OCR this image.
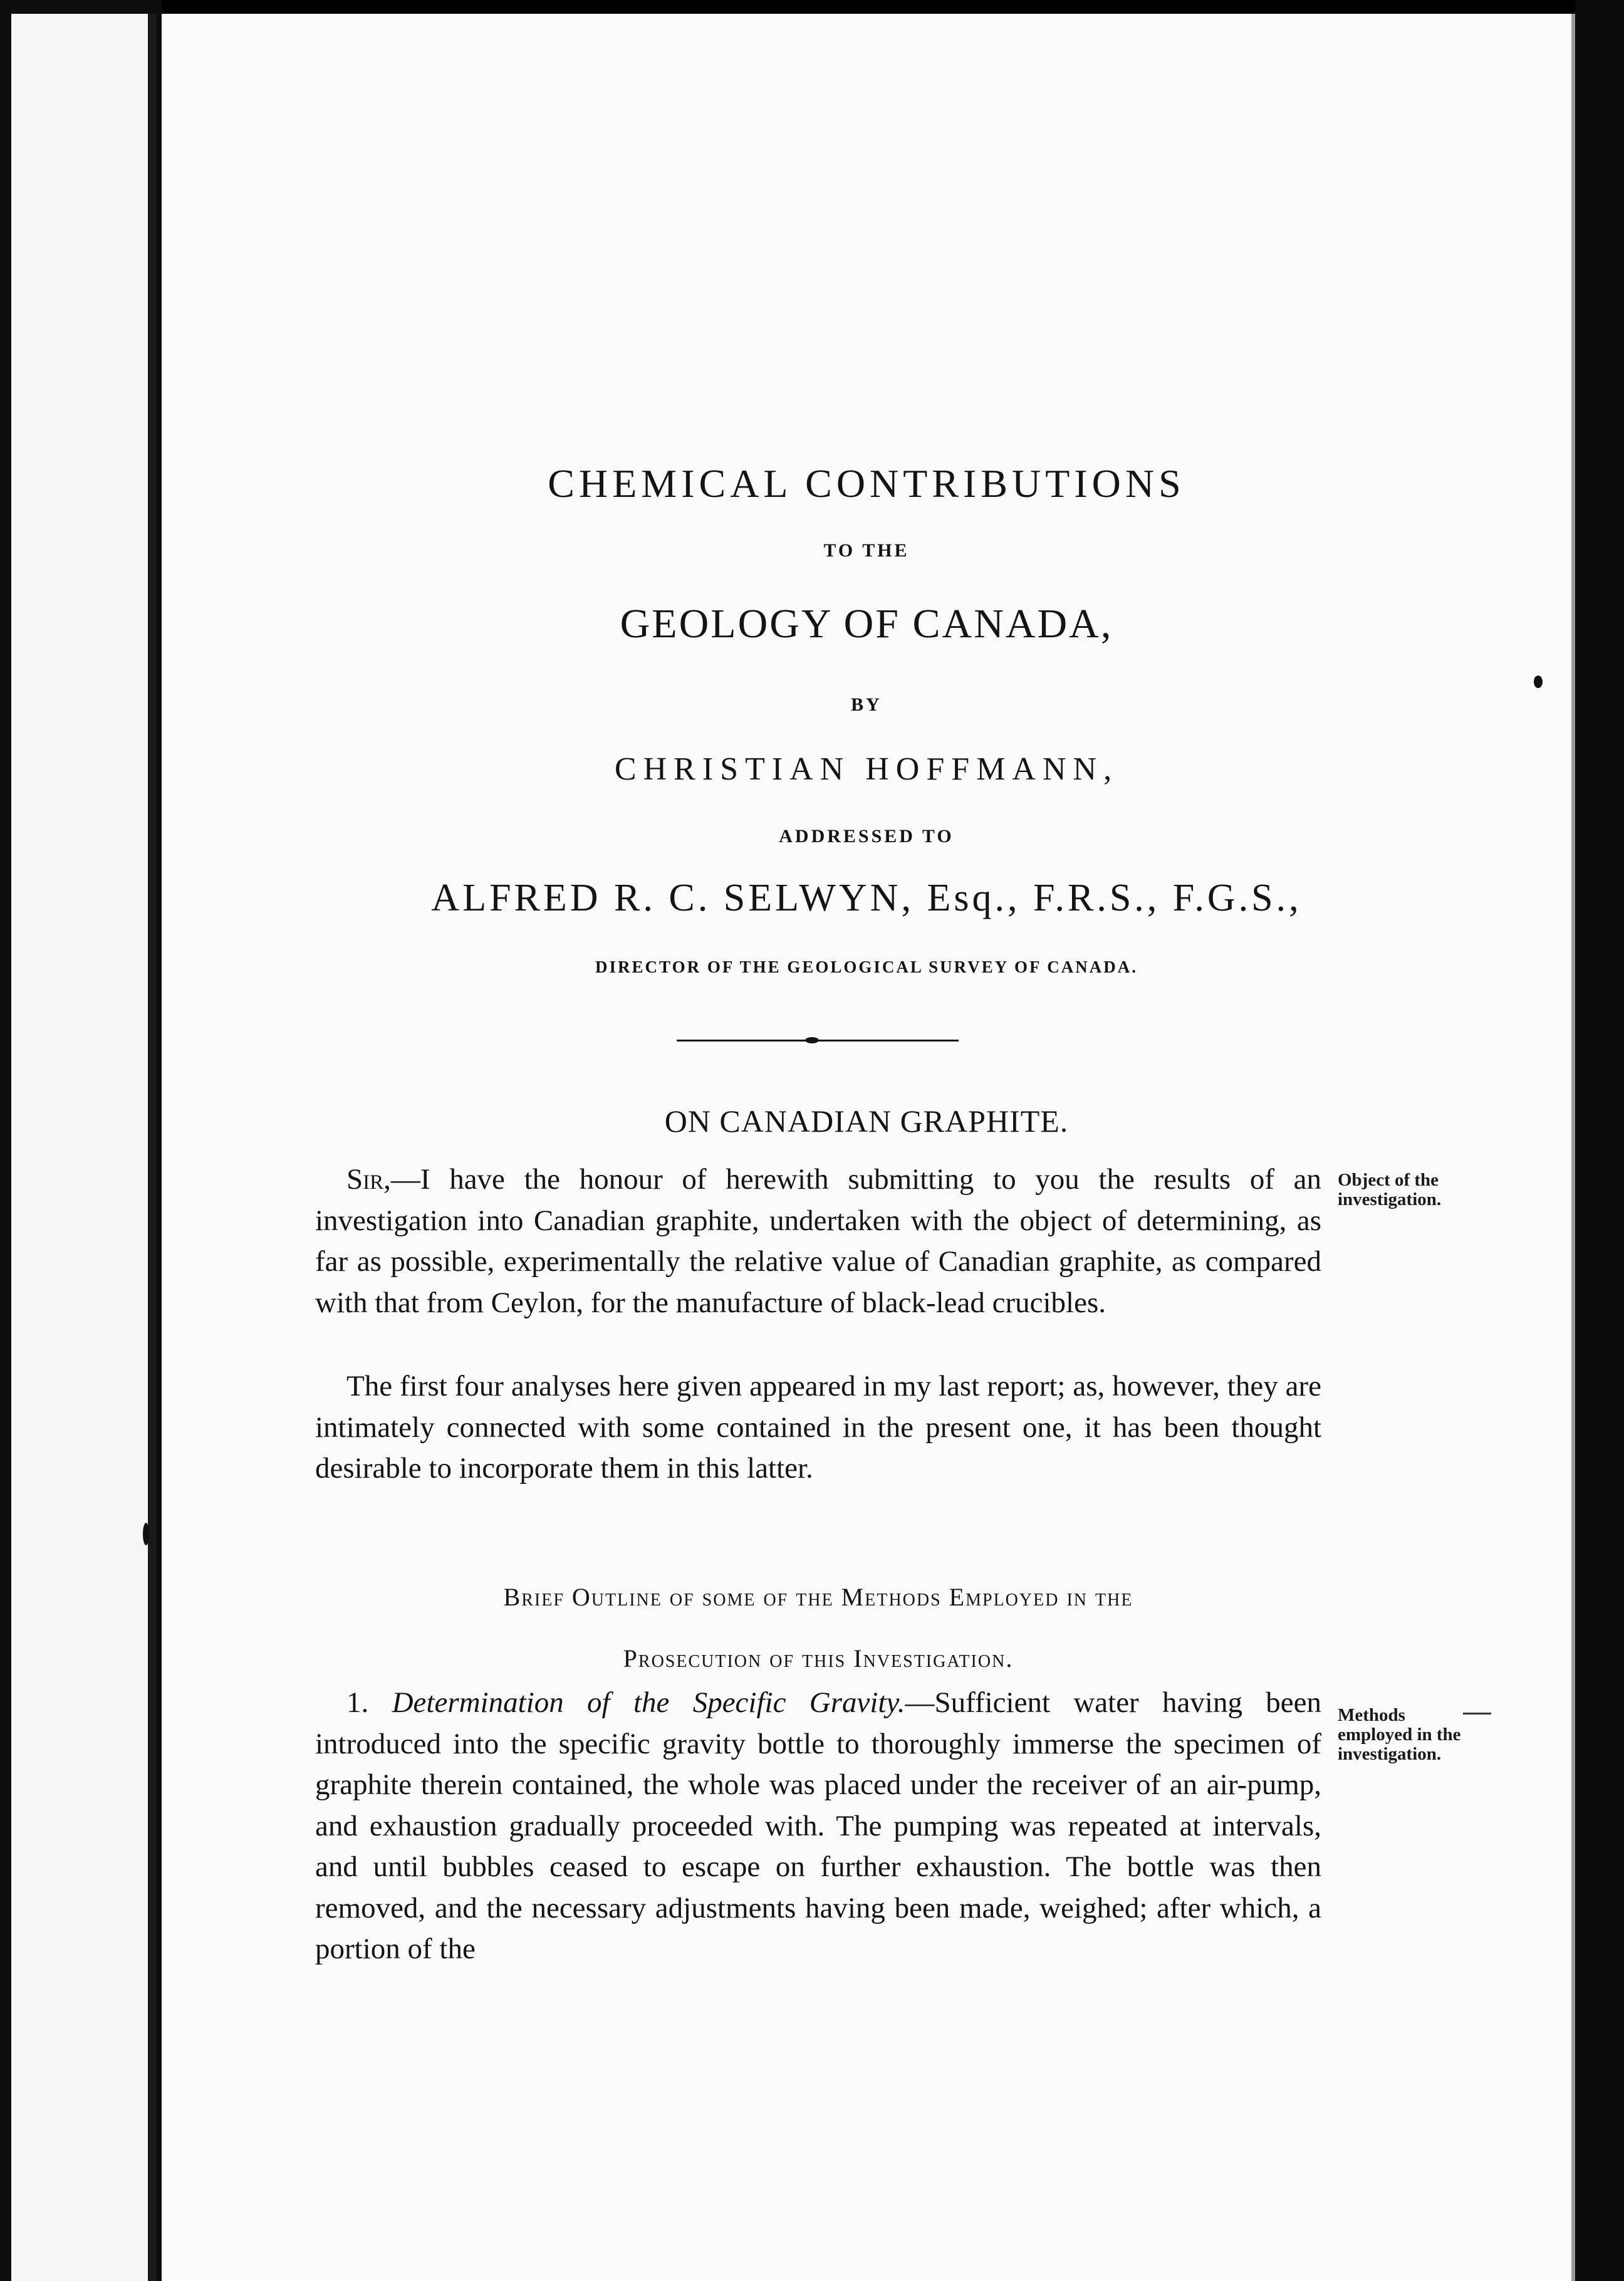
CHEMICAL CONTRIBUTIONS
TO THE
GEOLOGY OF CANADA,
BY
CHRISTIAN HOFFMANN,
ADDRESSED TO
ALFRED R. C. SELWYN, Esq., F.R.S., F.G.S.,
DIRECTOR OF THE GEOLOGICAL SURVEY OF CANADA.
ON CANADIAN GRAPHITE.

Sir,—I have the honour of herewith submitting to you the results of an investigation into Canadian graphite, undertaken with the object of determining, as far as possible, experimentally the relative value of Canadian graphite, as compared with that from Ceylon, for the manufacture of black-lead crucibles.

The first four analyses here given appeared in my last report; as, however, they are intimately connected with some contained in the present one, it has been thought desirable to incorporate them in this latter.

Brief Outline of some of the Methods Employed in the
Prosecution of this Investigation.

1. Determination of the Specific Gravity.—Sufficient water having been introduced into the specific gravity bottle to thoroughly immerse the specimen of graphite therein contained, the whole was placed under the receiver of an air-pump, and exhaustion gradually proceeded with. The pumping was repeated at intervals, and until bubbles ceased to escape on further exhaustion. The bottle was then removed, and the necessary adjustments having been made, weighed; after which, a portion of the

Object of the investigation.
Methods employed in the investigation.
